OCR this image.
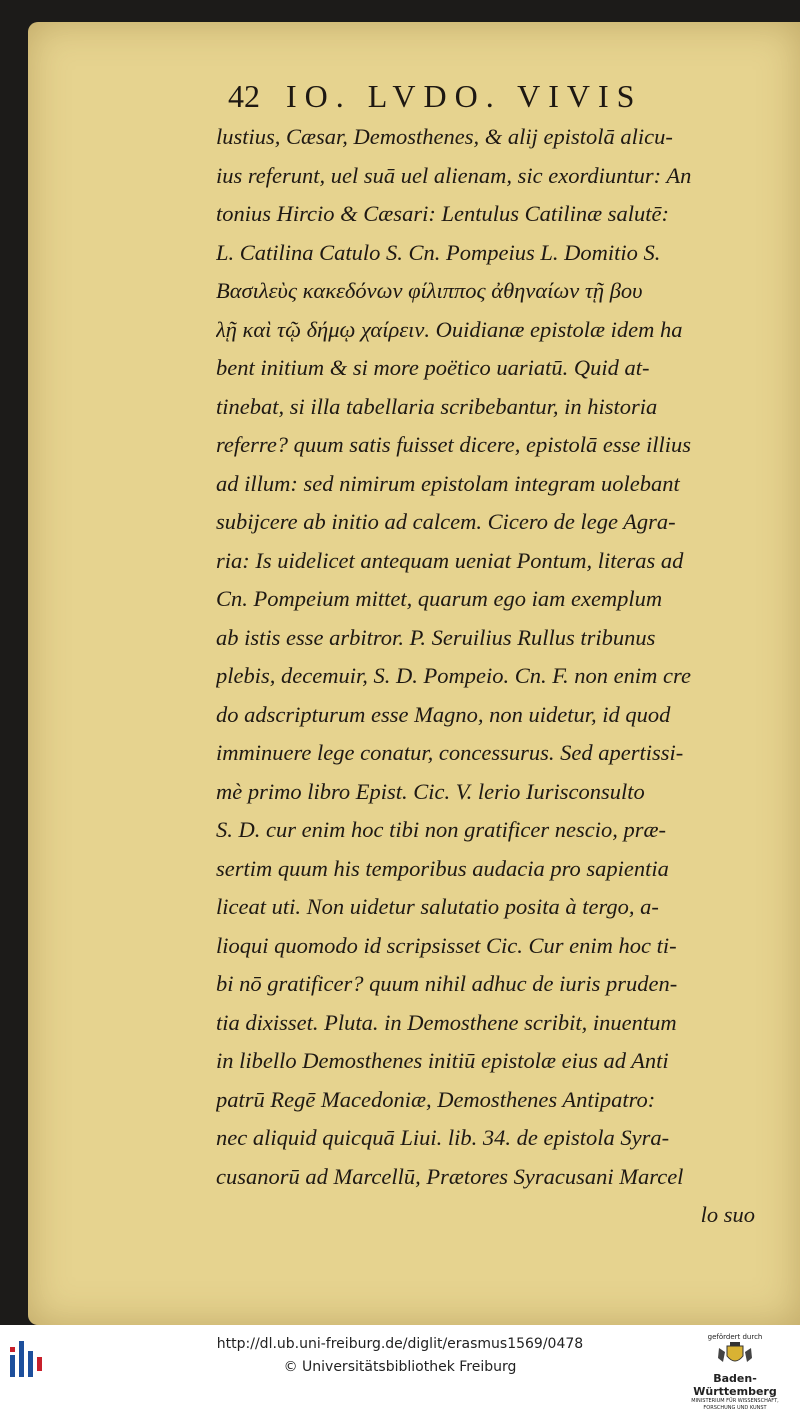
42 IO. LVDO. VIVIS
lustius, Cæsar, Demosthenes, & alij epistolā alicu-
ius referunt, uel suā uel alienam, sic exordiuntur: An
tonius Hircio & Cæsari: Lentulus Catilinæ salutē:
L. Catilina Catulo S. Cn. Pompeius L. Domitio S.
Βασιλεὺς κακεδόνων φίλιππος ἀθηναίων τῇ βου
λῇ καὶ τῷ δήμῳ χαίρειν. Ouidianæ epistolæ idem ha
bent initium & si more poëtico uariatū. Quid at-
tinebat, si illa tabellaria scribebantur, in historia
referre? quum satis fuisset dicere, epistolā esse illius
ad illum: sed nimirum epistolam integram uolebant
subijcere ab initio ad calcem. Cicero de lege Agra-
ria: Is uidelicet antequam ueniat Pontum, literas ad
Cn. Pompeium mittet, quarum ego iam exemplum
ab istis esse arbitror. P. Seruilius Rullus tribunus
plebis, decemuir, S. D. Pompeio. Cn. F. non enim cre
do adscripturum esse Magno, non uidetur, id quod
imminuere lege conatur, concessurus. Sed apertissi-
mè primo libro Epist. Cic. V. lerio Iurisconsulto
S. D. cur enim hoc tibi non gratificer nescio, præ-
sertim quum his temporibus audacia pro sapientia
liceat uti. Non uidetur salutatio posita à tergo, a-
lioqui quomodo id scripsisset Cic. Cur enim hoc ti-
bi nō gratificer? quum nihil adhuc de iuris pruden-
tia dixisset. Pluta. in Demosthene scribit, inuentum
in libello Demosthenes initiū epistolæ eius ad Anti
patrū Regē Macedoniæ, Demosthenes Antipatro:
nec aliquid quicquā Liui. lib. 34. de epistola Syra-
cusanorū ad Marcellū, Prætores Syracusani Marcel
lo suo
http://dl.ub.uni-freiburg.de/diglit/erasmus1569/0478
© Universitätsbibliothek Freiburg
gefördert durch
Baden-Württemberg
MINISTERIUM FÜR WISSENSCHAFT, FORSCHUNG UND KUNST
